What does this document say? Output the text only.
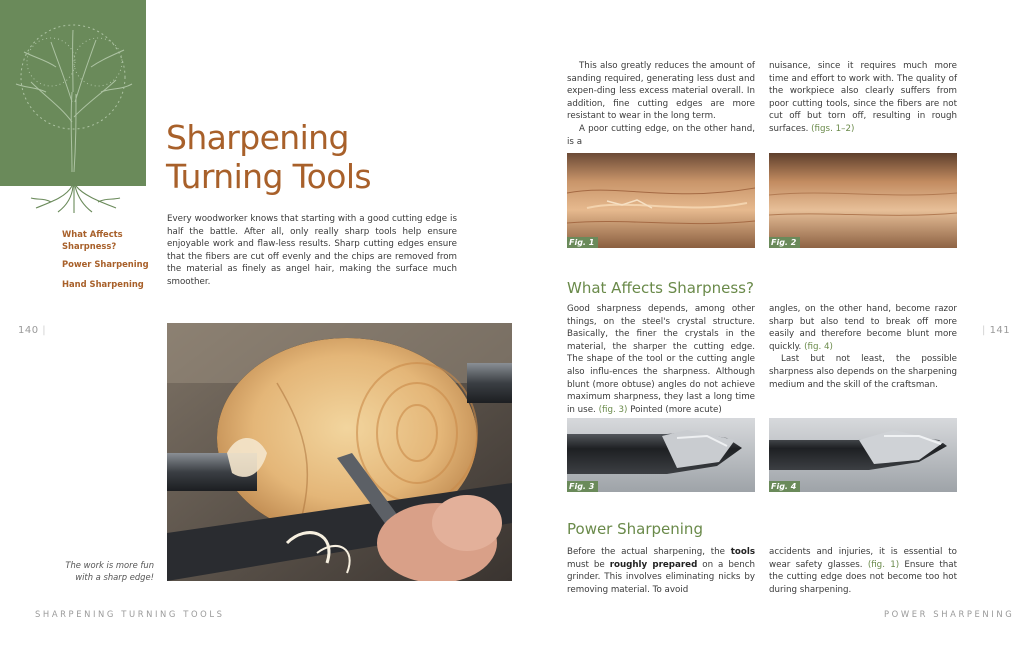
Sharpening
Turning Tools
What Affects Sharpness?
Power Sharpening
Hand Sharpening
Every woodworker knows that starting with a good cutting edge is half the battle. After all, only really sharp tools help ensure enjoyable work and flaw-less results. Sharp cutting edges ensure that the fibers are cut off evenly and the chips are removed from the material as finely as angel hair, making the surface much smoother.
140 |	| 141
The work is more fun
with a sharp edge!
SHARPENING TURNING TOOLS	POWER SHARPENING
This also greatly reduces the amount of sanding required, generating less dust and expen-ding less excess material overall. In addition, fine cutting edges are more resistant to wear in the long term.
A poor cutting edge, on the other hand, is a
nuisance, since it requires much more time and effort to work with. The quality of the workpiece also clearly suffers from poor cutting tools, since the fibers are not cut off but torn off, resulting in rough surfaces. (figs. 1–2)
Fig. 1	Fig. 2
What Affects Sharpness?
Good sharpness depends, among other things, on the steel's crystal structure. Basically, the finer the crystals in the material, the sharper the cutting edge. The shape of the tool or the cutting angle also influ-ences the sharpness. Although blunt (more obtuse) angles do not achieve maximum sharpness, they last a long time in use. (fig. 3) Pointed (more acute)
angles, on the other hand, become razor sharp but also tend to break off more easily and therefore become blunt more quickly. (fig. 4)
Last but not least, the possible sharpness also depends on the sharpening medium and the skill of the craftsman.
Fig. 3	Fig. 4
Power Sharpening
Before the actual sharpening, the tools must be roughly prepared on a bench grinder. This involves eliminating nicks by removing material. To avoid
accidents and injuries, it is essential to wear safety glasses. (fig. 1) Ensure that the cutting edge does not become too hot during sharpening.
